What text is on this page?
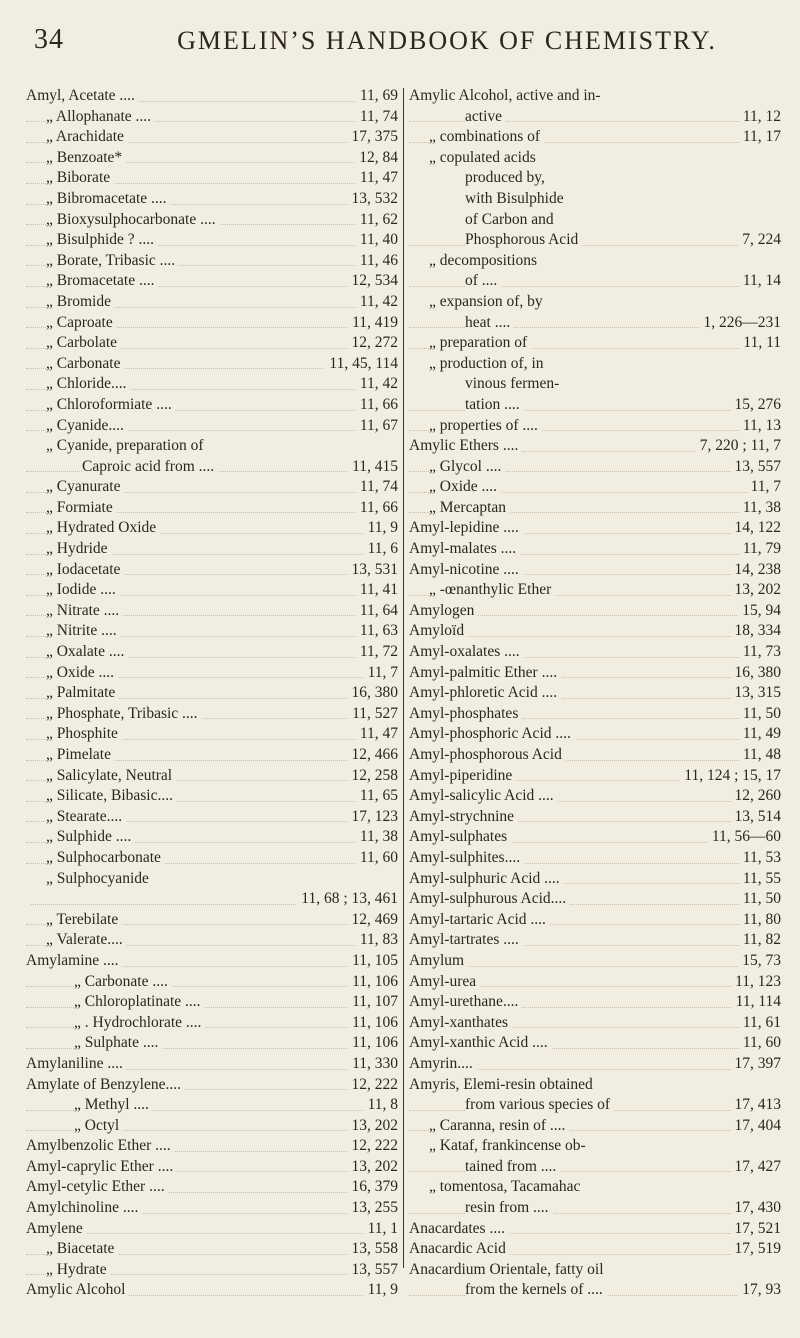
34	GMELIN’S HANDBOOK OF CHEMISTRY.
Amyl, Acetate ....	11, 69
„ Allophanate ....	11, 74
„ Arachidate	17, 375
„ Benzoate*	12, 84
„ Biborate	11, 47
„ Bibromacetate ....	13, 532
„ Bioxysulphocarbonate ....	11, 62
„ Bisulphide ? ....	11, 40
„ Borate, Tribasic ....	11, 46
„ Bromacetate ....	12, 534
„ Bromide	11, 42
„ Caproate	11, 419
„ Carbolate	12, 272
„ Carbonate	11, 45, 114
„ Chloride....	11, 42
„ Chloroformiate ....	11, 66
„ Cyanide....	11, 67
„ Cyanide, preparation of
Caproic acid from ....	11, 415
„ Cyanurate	11, 74
„ Formiate	11, 66
„ Hydrated Oxide	11, 9
„ Hydride	11, 6
„ Iodacetate	13, 531
„ Iodide ....	11, 41
„ Nitrate ....	11, 64
„ Nitrite ....	11, 63
„ Oxalate ....	11, 72
„ Oxide ....	11, 7
„ Palmitate	16, 380
„ Phosphate, Tribasic ....	11, 527
„ Phosphite	11, 47
„ Pimelate	12, 466
„ Salicylate, Neutral	12, 258
„ Silicate, Bibasic....	11, 65
„ Stearate....	17, 123
„ Sulphide ....	11, 38
„ Sulphocarbonate	11, 60
„ Sulphocyanide
11, 68 ; 13, 461
„ Terebilate	12, 469
„ Valerate....	11, 83
Amylamine ....	11, 105
„ Carbonate ....	11, 106
„ Chloroplatinate ....	11, 107
„ . Hydrochlorate ....	11, 106
„ Sulphate ....	11, 106
Amylaniline ....	11, 330
Amylate of Benzylene....	12, 222
„ Methyl ....	11, 8
„ Octyl	13, 202
Amylbenzolic Ether ....	12, 222
Amyl-caprylic Ether ....	13, 202
Amyl-cetylic Ether ....	16, 379
Amylchinoline ....	13, 255
Amylene	11, 1
„ Biacetate	13, 558
„ Hydrate	13, 557
Amylic Alcohol	11, 9
Amylic Alcohol, active and in-
active	11, 12
„ combinations of	11, 17
„ copulated acids
produced by,
with Bisulphide
of Carbon and
Phosphorous Acid	7, 224
„ decompositions
of ....	11, 14
„ expansion of, by
heat ....	1, 226—231
„ preparation of	11, 11
„ production of, in
vinous fermen-
tation ....	15, 276
„ properties of ....	11, 13
Amylic Ethers ....	7, 220 ; 11, 7
„ Glycol ....	13, 557
„ Oxide ....	11, 7
„ Mercaptan	11, 38
Amyl-lepidine ....	14, 122
Amyl-malates ....	11, 79
Amyl-nicotine ....	14, 238
„ -œnanthylic Ether	13, 202
Amylogen	15, 94
Amyloïd	18, 334
Amyl-oxalates ....	11, 73
Amyl-palmitic Ether ....	16, 380
Amyl-phloretic Acid ....	13, 315
Amyl-phosphates	11, 50
Amyl-phosphoric Acid ....	11, 49
Amyl-phosphorous Acid	11, 48
Amyl-piperidine	11, 124 ; 15, 17
Amyl-salicylic Acid ....	12, 260
Amyl-strychnine	13, 514
Amyl-sulphates	11, 56—60
Amyl-sulphites....	11, 53
Amyl-sulphuric Acid ....	11, 55
Amyl-sulphurous Acid....	11, 50
Amyl-tartaric Acid ....	11, 80
Amyl-tartrates ....	11, 82
Amylum	15, 73
Amyl-urea	11, 123
Amyl-urethane....	11, 114
Amyl-xanthates	11, 61
Amyl-xanthic Acid ....	11, 60
Amyrin....	17, 397
Amyris, Elemi-resin obtained
from various species of	17, 413
„ Caranna, resin of ....	17, 404
„ Kataf, frankincense ob-
tained from ....	17, 427
„ tomentosa, Tacamahac
resin from ....	17, 430
Anacardates ....	17, 521
Anacardic Acid	17, 519
Anacardium Orientale, fatty oil
from the kernels of ....	17, 93
